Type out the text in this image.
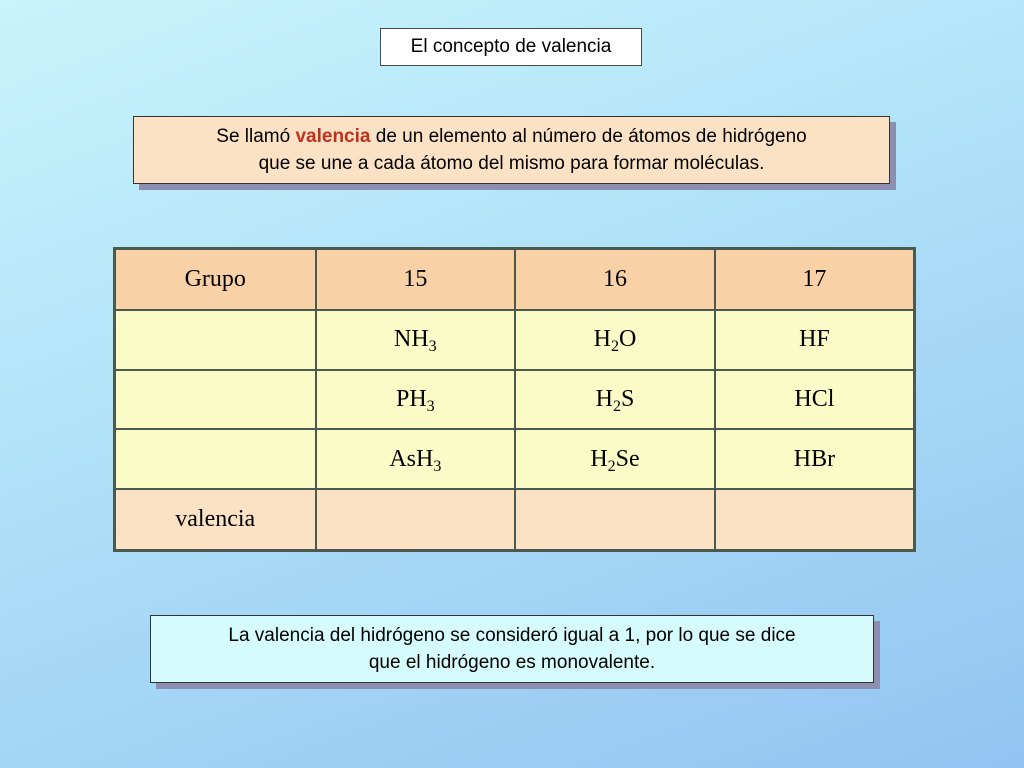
El concepto de valencia
Se llamó valencia de un elemento al número de átomos de hidrógeno
que se une a cada átomo del mismo para formar moléculas.
Grupo	15	16	17
	$NH_3$	$H_2O$	HF
	$PH_3$	$H_2S$	HCl
	AsH$_3$	$H_2Se$	HBr
valencia			
La valencia del hidrógeno se consideró igual a 1, por lo que se dice
que el hidrógeno es monovalente.
